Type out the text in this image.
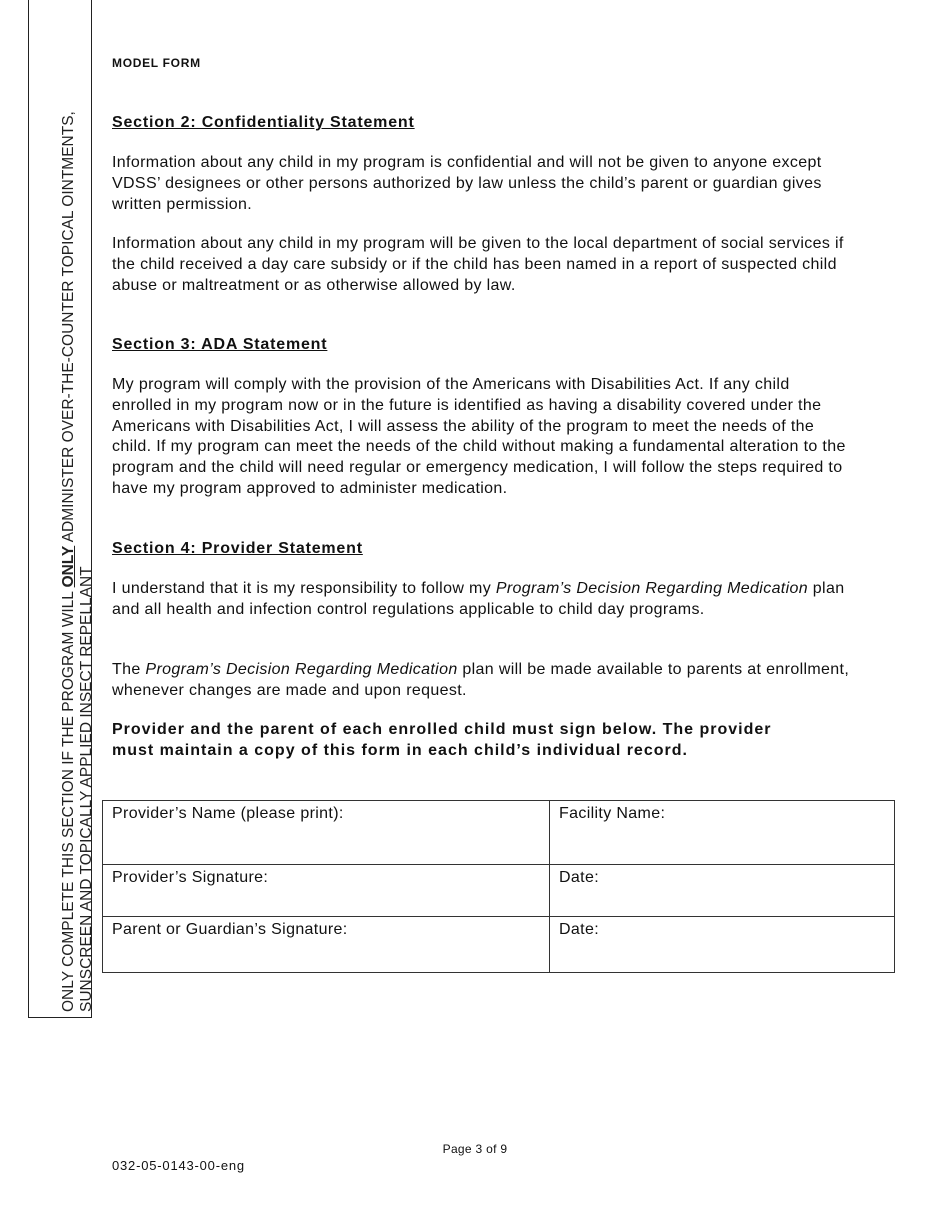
ONLY COMPLETE THIS SECTION IF THE PROGRAM WILL ONLY ADMINISTER OVER-THE-COUNTER TOPICAL OINTMENTS,
SUNSCREEN AND TOPICALLY APPLIED INSECT REPELLANT
MODEL FORM
Section 2: Confidentiality Statement
Information about any child in my program is confidential and will not be given to anyone except VDSS’ designees or other persons authorized by law unless the child’s parent or guardian gives written permission.
Information about any child in my program will be given to the local department of social services if the child received a day care subsidy or if the child has been named in a report of suspected child abuse or maltreatment or as otherwise allowed by law.
Section 3: ADA Statement
My program will comply with the provision of the Americans with Disabilities Act. If any child enrolled in my program now or in the future is identified as having a disability covered under the Americans with Disabilities Act, I will assess the ability of the program to meet the needs of the child. If my program can meet the needs of the child without making a fundamental alteration to the program and the child will need regular or emergency medication, I will follow the steps required to have my program approved to administer medication.
Section 4: Provider Statement
I understand that it is my responsibility to follow my Program’s Decision Regarding Medication plan and all health and infection control regulations applicable to child day programs.
The Program’s Decision Regarding Medication plan will be made available to parents at enrollment, whenever changes are made and upon request.
Provider and the parent of each enrolled child must sign below. The provider must maintain a copy of this form in each child’s individual record.
Provider’s Name (please print):	Facility Name:
Provider’s Signature:	Date:
Parent or Guardian’s Signature:	Date:
Page 3 of 9
032-05-0143-00-eng
